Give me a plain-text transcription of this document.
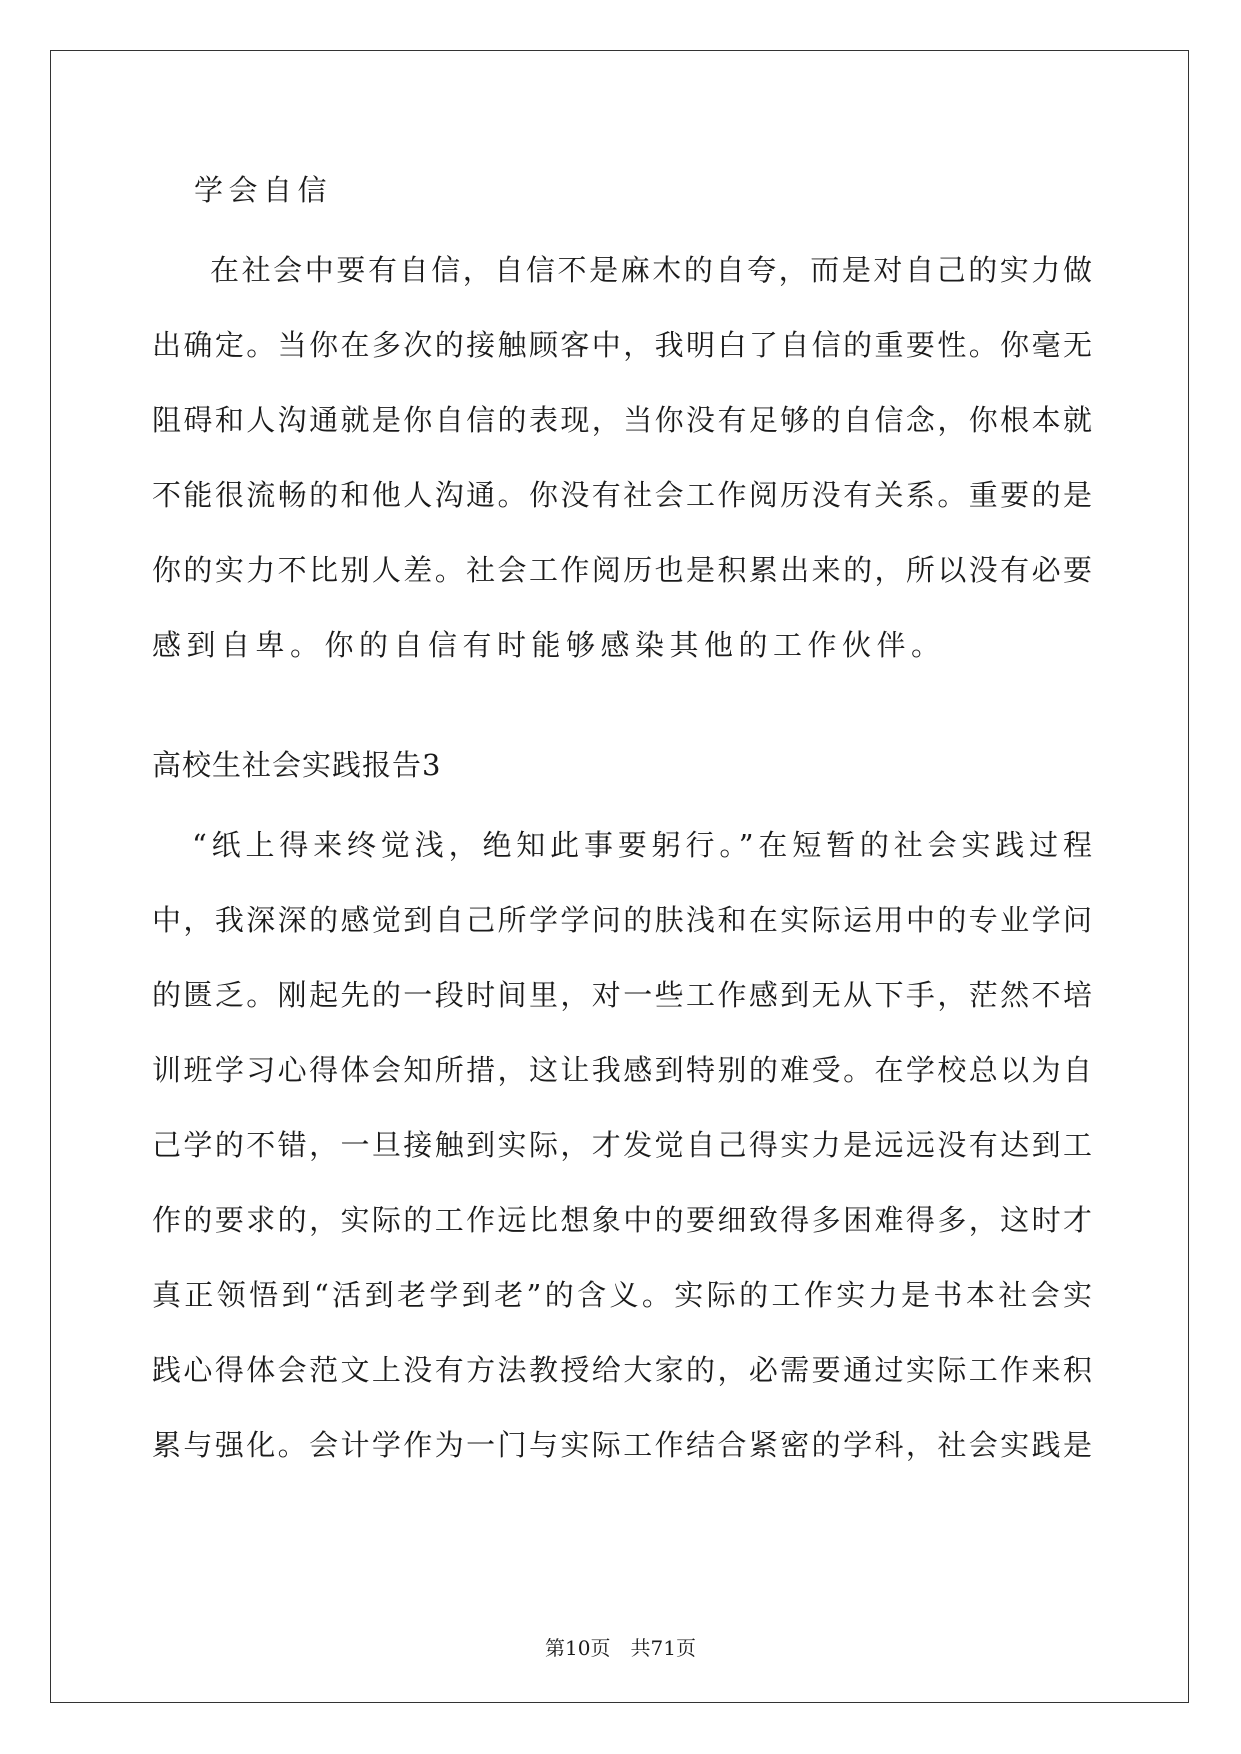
学会自信
在社会中要有自信，自信不是麻木的自夸，而是对自己的实力做
出确定。当你在多次的接触顾客中，我明白了自信的重要性。你毫无
阻碍和人沟通就是你自信的表现，当你没有足够的自信念，你根本就
不能很流畅的和他人沟通。你没有社会工作阅历没有关系。重要的是
你的实力不比别人差。社会工作阅历也是积累出来的，所以没有必要
感到自卑。你的自信有时能够感染其他的工作伙伴。
高校生社会实践报告3
“纸上得来终觉浅，绝知此事要躬行。”在短暂的社会实践过程
中，我深深的感觉到自己所学学问的肤浅和在实际运用中的专业学问
的匮乏。刚起先的一段时间里，对一些工作感到无从下手，茫然不培
训班学习心得体会知所措，这让我感到特别的难受。在学校总以为自
己学的不错，一旦接触到实际，才发觉自己得实力是远远没有达到工
作的要求的，实际的工作远比想象中的要细致得多困难得多，这时才
真正领悟到“活到老学到老”的含义。实际的工作实力是书本社会实
践心得体会范文上没有方法教授给大家的，必需要通过实际工作来积
累与强化。会计学作为一门与实际工作结合紧密的学科，社会实践是
第10页　共71页
